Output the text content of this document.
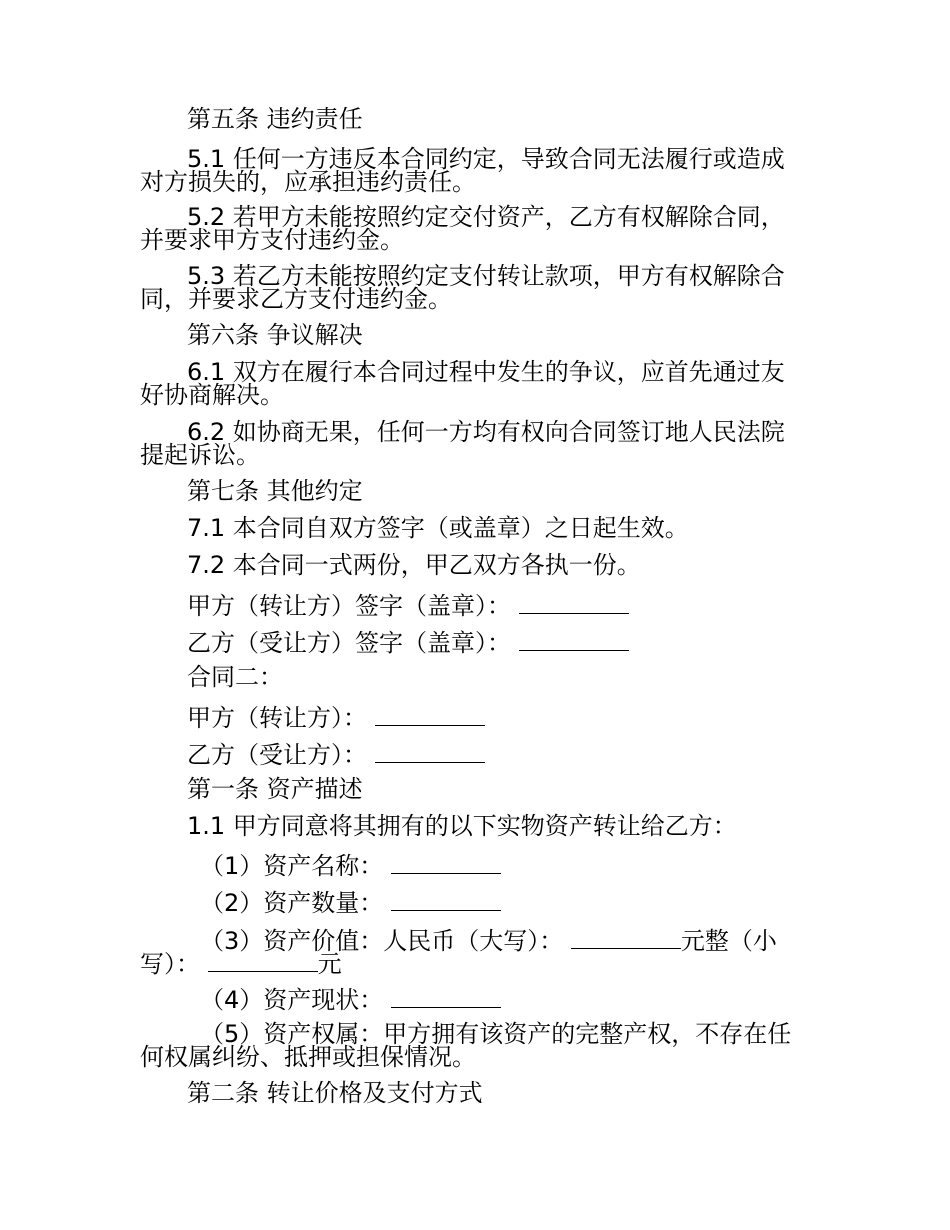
第五条 违约责任
5.1 任何一方违反本合同约定，导致合同无法履行或造成
对方损失的，应承担违约责任。
5.2 若甲方未能按照约定交付资产，乙方有权解除合同，
并要求甲方支付违约金。
5.3 若乙方未能按照约定支付转让款项，甲方有权解除合
同，并要求乙方支付违约金。
第六条 争议解决
6.1 双方在履行本合同过程中发生的争议，应首先通过友
好协商解决。
6.2 如协商无果，任何一方均有权向合同签订地人民法院
提起诉讼。
第七条 其他约定
7.1 本合同自双方签字（或盖章）之日起生效。
7.2 本合同一式两份，甲乙双方各执一份。
甲方（转让方）签字（盖章）：
乙方（受让方）签字（盖章）：
合同二：
甲方（转让方）：
乙方（受让方）：
第一条 资产描述
1.1 甲方同意将其拥有的以下实物资产转让给乙方：
（1）资产名称：
（2）资产数量：
（3）资产价值：人民币（大写）：	元整（小
写）：	元
（4）资产现状：
（5）资产权属：甲方拥有该资产的完整产权，不存在任
何权属纠纷、抵押或担保情况。
第二条 转让价格及支付方式
